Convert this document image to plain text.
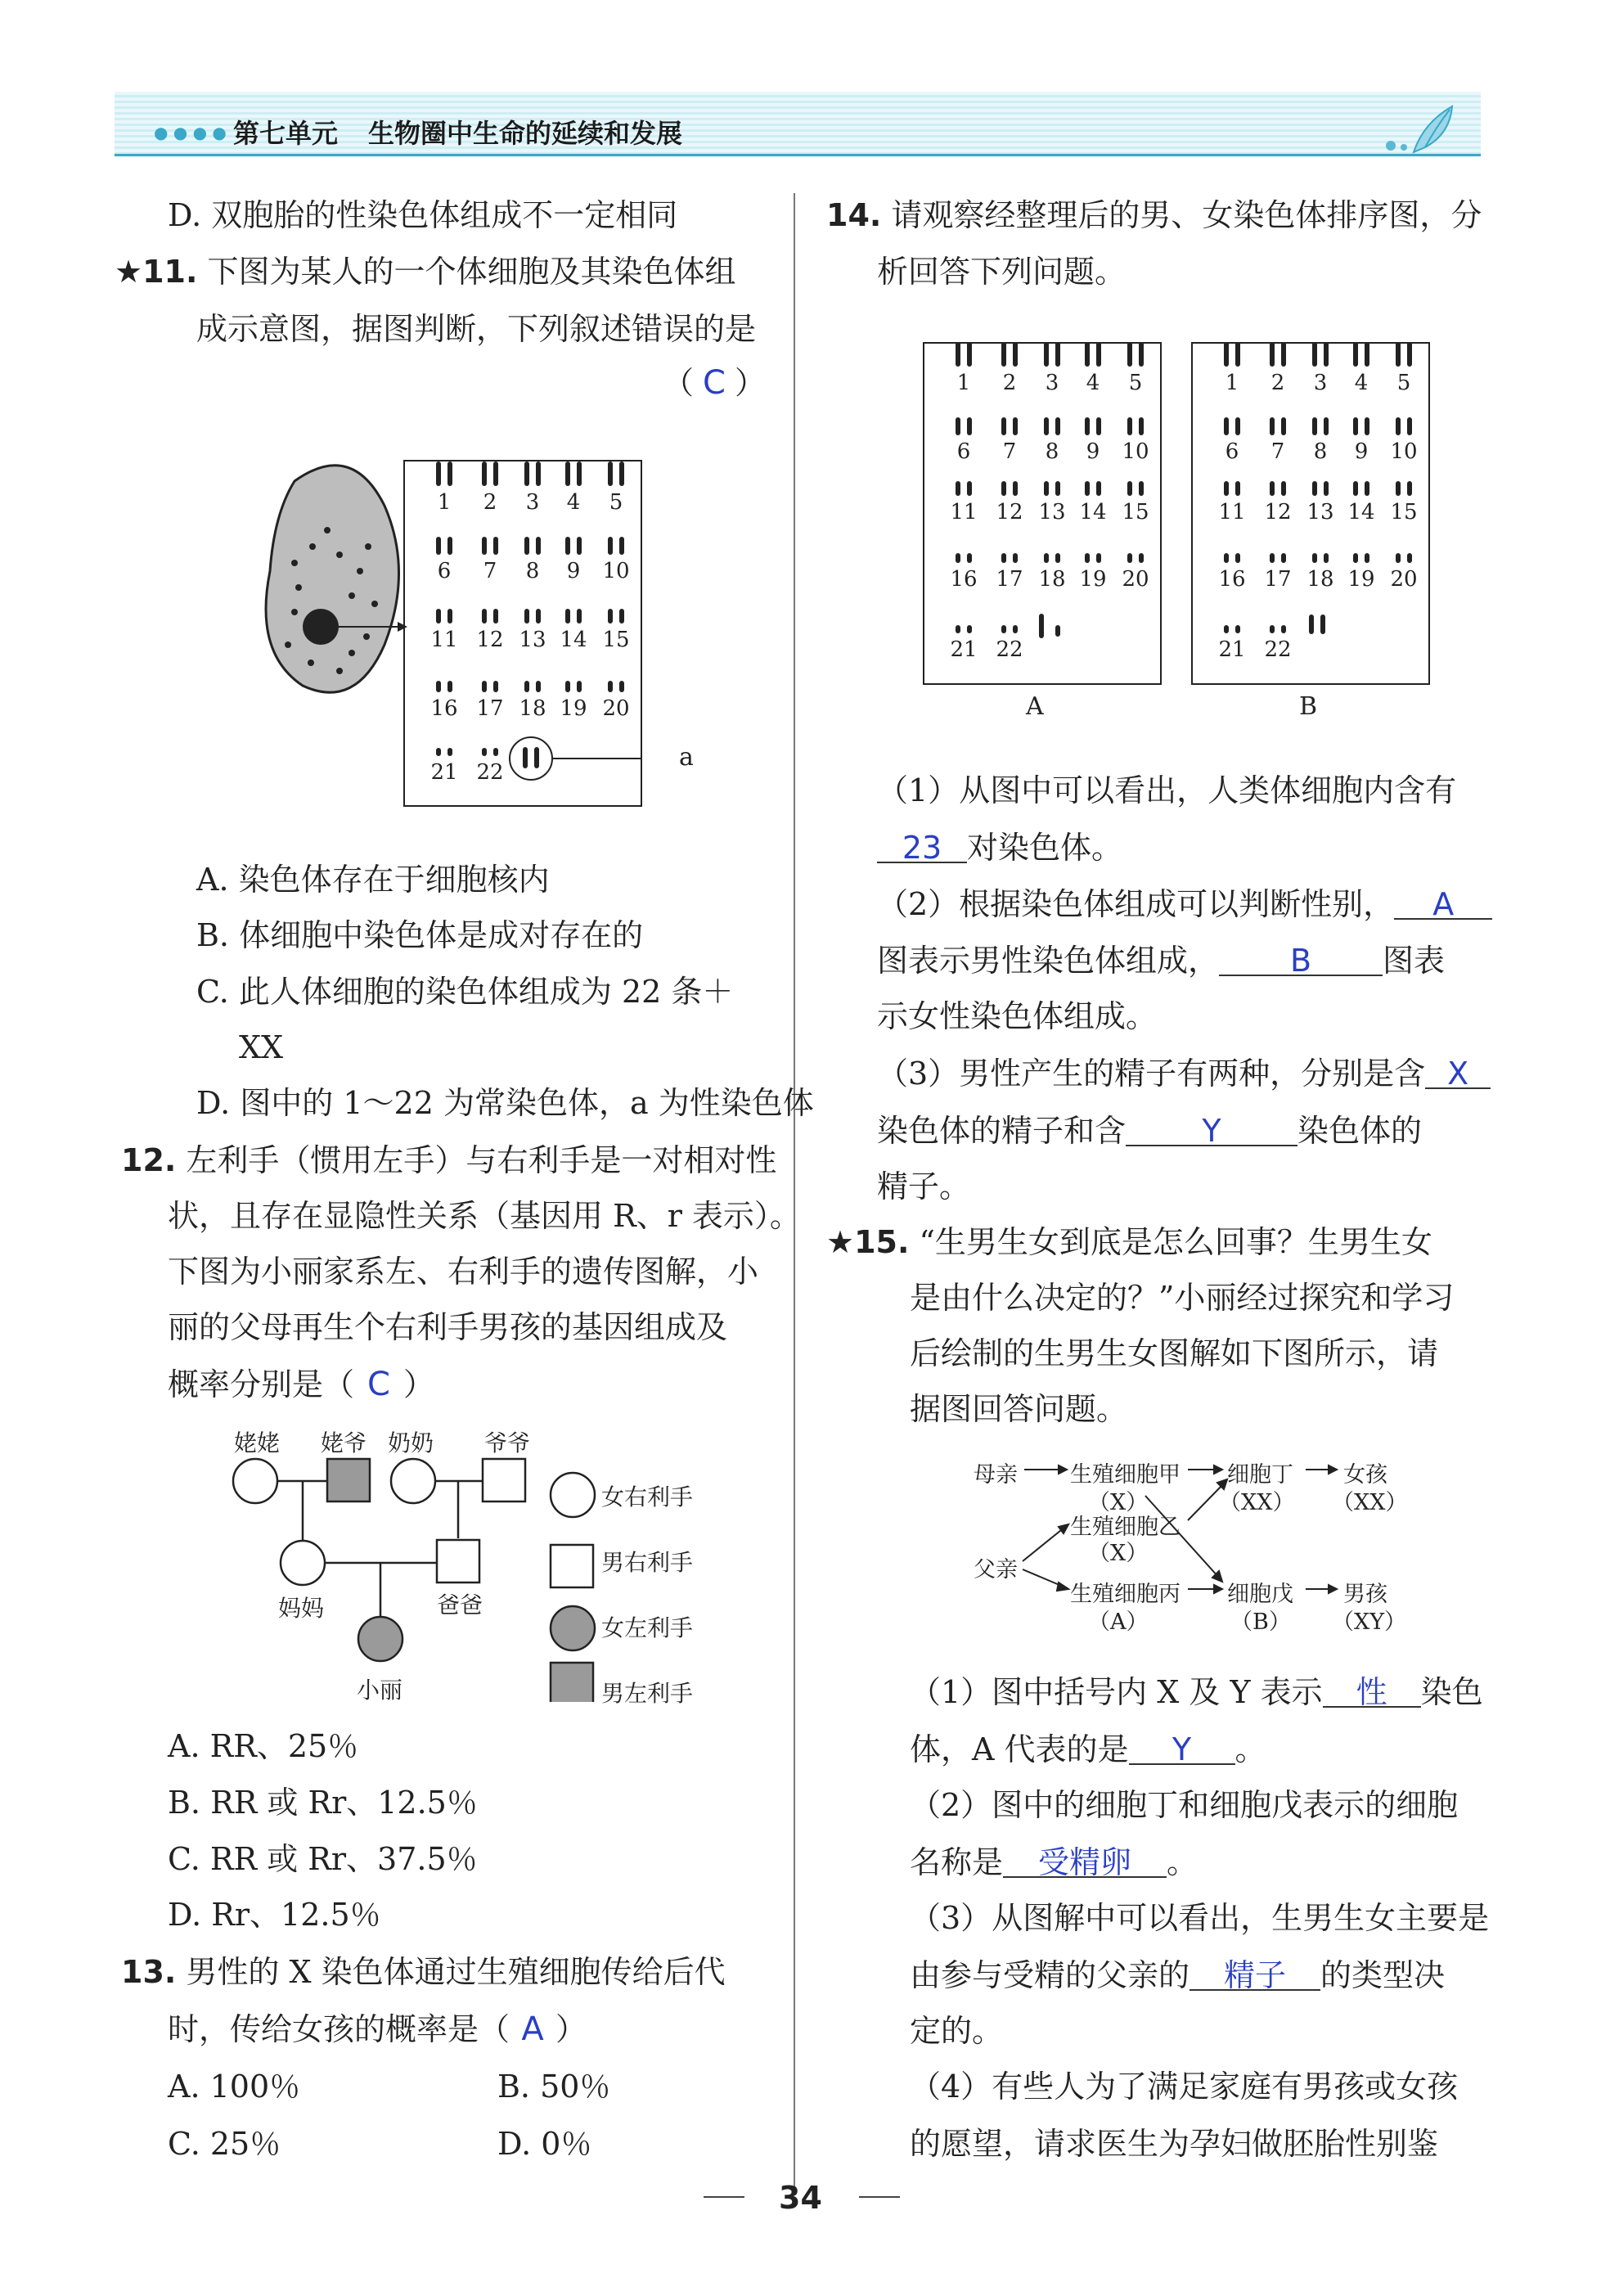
● ● ● ● 第七单元 生物圈中生命的延续和发展
D. 双胞胎的性染色体组成不一定相同
★11. 下图为某人的一个体细胞及其染色体组
成示意图，据图判断，下列叙述错误的是
（ C ）
1 2 3 4 5
6 7 8 9 10
11 12 13 14 15
16 17 18 19 20
21 22
a
A. 染色体存在于细胞核内
B. 体细胞中染色体是成对存在的
C. 此人体细胞的染色体组成为 22 条＋
XX
D. 图中的 1～22 为常染色体，a 为性染色体
12. 左利手（惯用左手）与右利手是一对相对性
状，且存在显隐性关系（基因用 R、r 表示）。
下图为小丽家系左、右利手的遗传图解，小
丽的父母再生个右利手男孩的基因组成及
概率分别是（ C ）
姥姥 姥爷 奶奶 爷爷
妈妈	爸爸
小丽
女右利手
男右利手
女左利手
男左利手
A. RR、25％
B. RR 或 Rr、12.5％
C. RR 或 Rr、37.5％
D. Rr、12.5％
13. 男性的 X 染色体通过生殖细胞传给后代
时，传给女孩的概率是（ A ）
A. 100％	B. 50％
C. 25％	D. 0％
14. 请观察经整理后的男、女染色体排序图，分
析回答下列问题。
1 2 3 4 5
6 7 8 9 10
11 12 13 14 15
16 17 18 19 20
21 22
1 2 3 4 5
6 7 8 9 10
11 12 13 14 15
16 17 18 19 20
21 22
A	B
（1）从图中可以看出，人类体细胞内含有
23 对染色体。
（2）根据染色体组成可以判断性别， A
图表示男性染色体组成， B 图表
示女性染色体组成。
（3）男性产生的精子有两种，分别是含 X
染色体的精子和含 Y 染色体的
精子。
★15. “生男生女到底是怎么回事？生男生女
是由什么决定的？”小丽经过探究和学习
后绘制的生男生女图解如下图所示，请
据图回答问题。
母亲 生殖细胞甲
（X）
细胞丁
（XX）
女孩
（XX）
生殖细胞乙
（X）
父亲
生殖细胞丙
（A）
细胞戊
（B）
男孩
（XY）
（1）图中括号内 X 及 Y 表示 性 染色
体，A 代表的是 Y 。
（2）图中的细胞丁和细胞戊表示的细胞
名称是 受精卵 。
（3）从图解中可以看出，生男生女主要是
由参与受精的父亲的 精子 的类型决
定的。
（4）有些人为了满足家庭有男孩或女孩
的愿望，请求医生为孕妇做胚胎性别鉴
34
